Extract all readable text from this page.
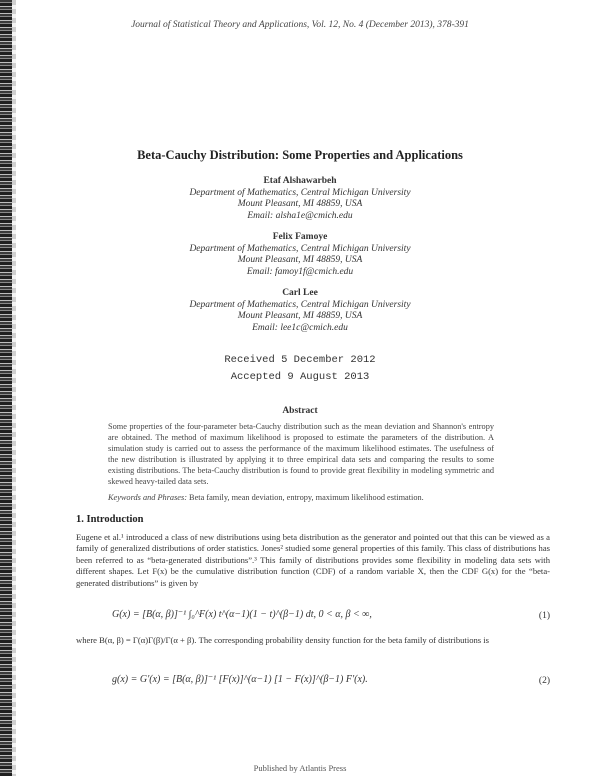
Journal of Statistical Theory and Applications, Vol. 12, No. 4 (December 2013), 378-391
Beta-Cauchy Distribution: Some Properties and Applications
Etaf Alshawarbeh
Department of Mathematics, Central Michigan University
Mount Pleasant, MI 48859, USA
Email: alsha1e@cmich.edu
Felix Famoye
Department of Mathematics, Central Michigan University
Mount Pleasant, MI 48859, USA
Email: famoy1f@cmich.edu
Carl Lee
Department of Mathematics, Central Michigan University
Mount Pleasant, MI 48859, USA
Email: lee1c@cmich.edu
Received 5 December 2012
Accepted 9 August 2013
Abstract
Some properties of the four-parameter beta-Cauchy distribution such as the mean deviation and Shannon's entropy are obtained. The method of maximum likelihood is proposed to estimate the parameters of the distribution. A simulation study is carried out to assess the performance of the maximum likelihood estimates. The usefulness of the new distribution is illustrated by applying it to three empirical data sets and comparing the results to some existing distributions. The beta-Cauchy distribution is found to provide great flexibility in modeling symmetric and skewed heavy-tailed data sets.
Keywords and Phrases: Beta family, mean deviation, entropy, maximum likelihood estimation.
1. Introduction
Eugene et al.¹ introduced a class of new distributions using beta distribution as the generator and pointed out that this can be viewed as a family of generalized distributions of order statistics. Jones² studied some general properties of this family. This class of distributions has been referred to as “beta-generated distributions”.³ This family of distributions provides some flexibility in modeling data sets with different shapes. Let F(x) be the cumulative distribution function (CDF) of a random variable X, then the CDF G(x) for the “beta-generated distributions” is given by
G(x) = [B(α, β)]⁻¹ ∫₀^F(x) t^(α−1)(1 − t)^(β−1) dt, 0 < α, β < ∞,	(1)
where B(α, β) = Γ(α)Γ(β)/Γ(α + β). The corresponding probability density function for the beta family of distributions is
g(x) = G′(x) = [B(α, β)]⁻¹ [F(x)]^(α−1) [1 − F(x)]^(β−1) F′(x).	(2)
Published by Atlantis Press
